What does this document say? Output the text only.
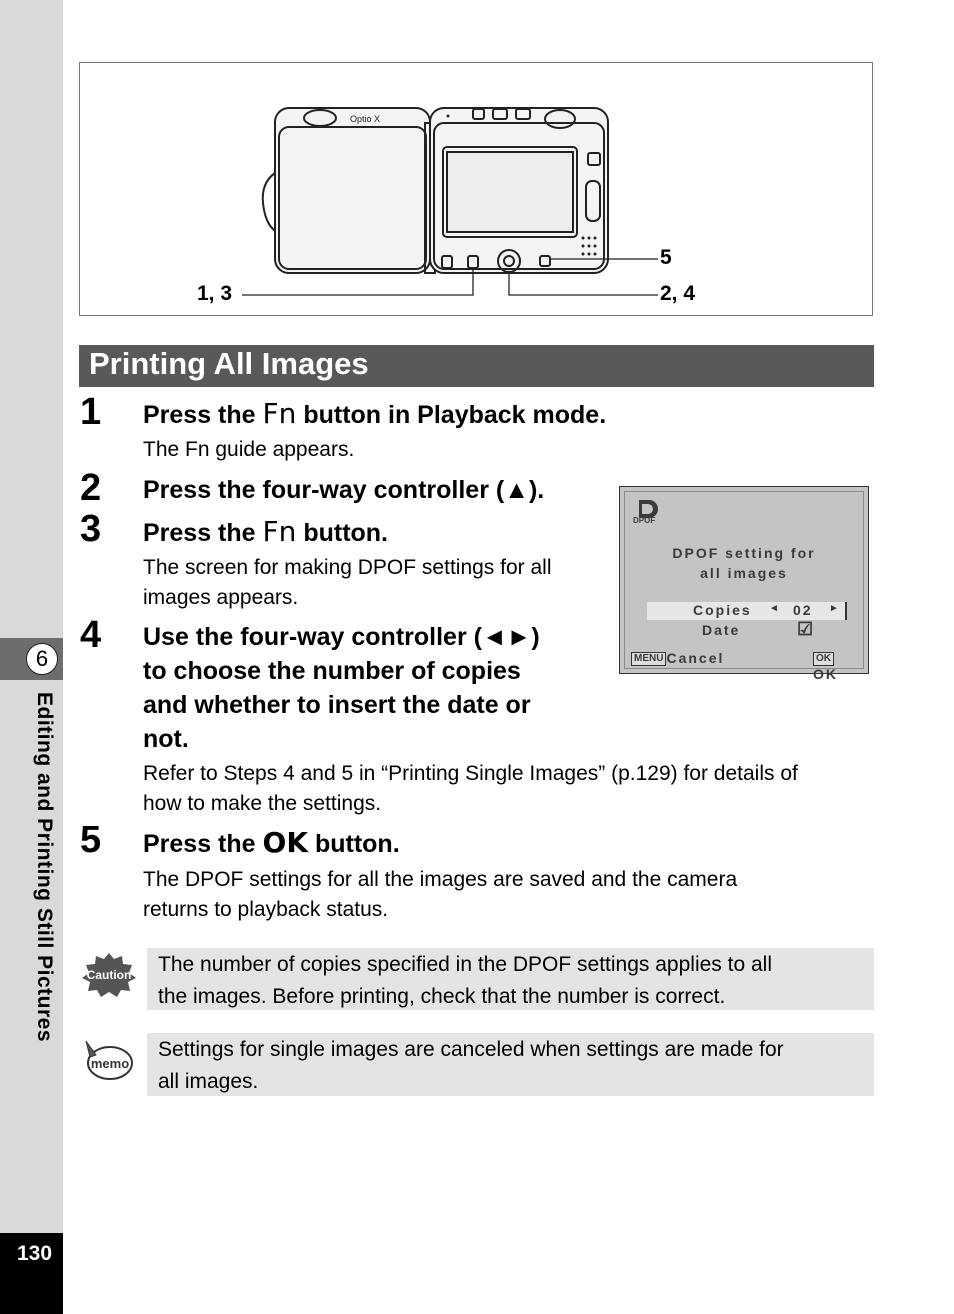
6
Editing and Printing Still Pictures
130
Optio X
1, 3	2, 4
5
Printing All Images
1 Press the Fn button in Playback mode.
The Fn guide appears.
2 Press the four-way controller (▲).
3 Press the Fn button.
The screen for making DPOF settings for all
images appears.
DPOF
DPOF setting for
all images
Copies ◄ 02 ►
Date	☑
MENU Cancel	OK OK
4 Use the four-way controller (◄►)
to choose the number of copies
and whether to insert the date or
not.
Refer to Steps 4 and 5 in “Printing Single Images” (p.129) for details of
how to make the settings.
5 Press the OK button.
The DPOF settings for all the images are saved and the camera
returns to playback status.
Caution	The number of copies specified in the DPOF settings applies to all
the images. Before printing, check that the number is correct.
memo
Settings for single images are canceled when settings are made for
all images.
